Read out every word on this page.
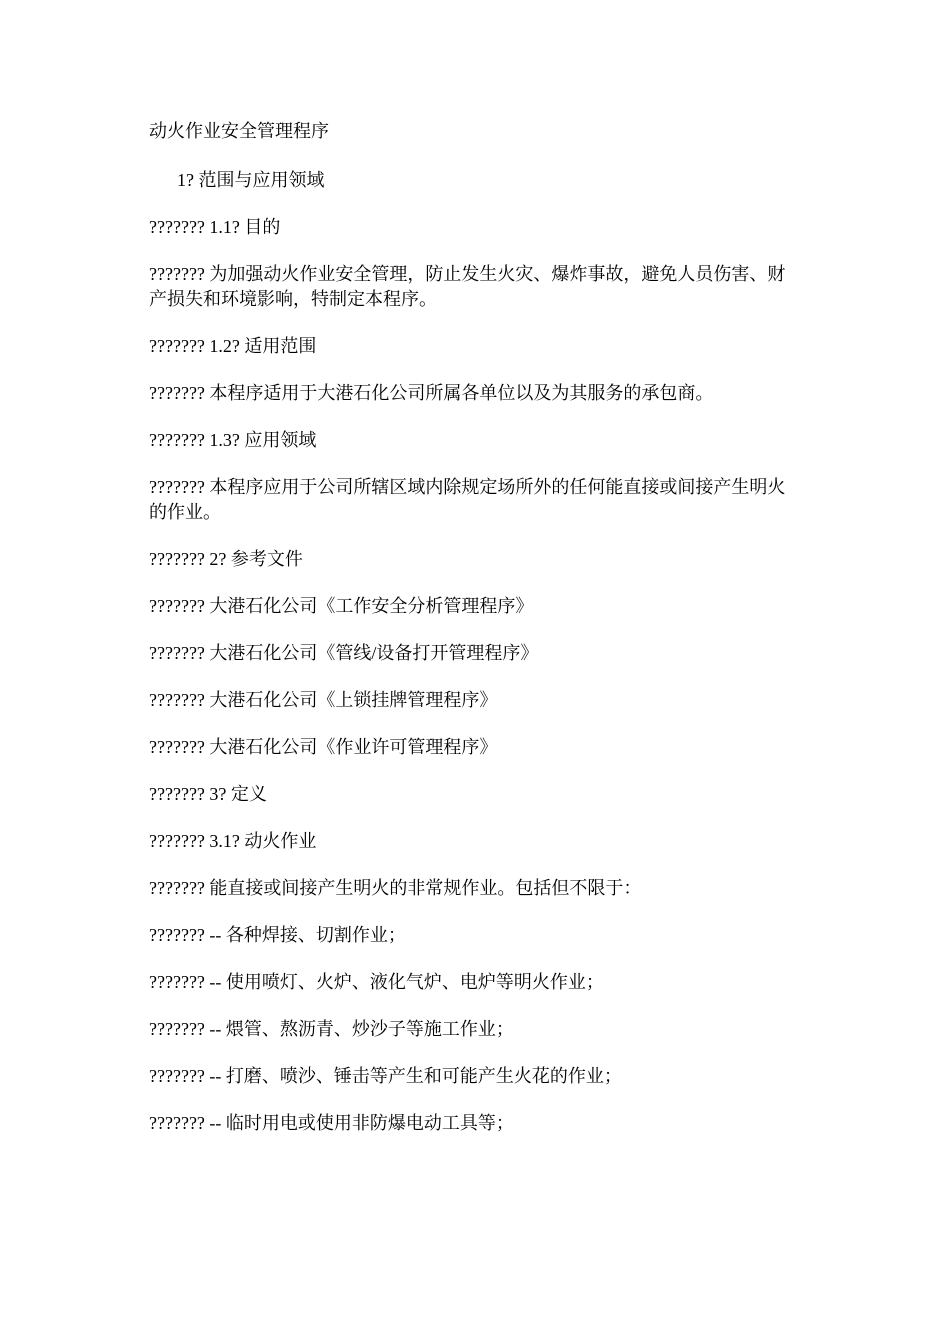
动火作业安全管理程序

1? 范围与应用领域

??????? 1.1? 目的

??????? 为加强动火作业安全管理，防止发生火灾、爆炸事故，避免人员伤害、财产损失和环境影响，特制定本程序。

??????? 1.2? 适用范围

??????? 本程序适用于大港石化公司所属各单位以及为其服务的承包商。

??????? 1.3? 应用领域

??????? 本程序应用于公司所辖区域内除规定场所外的任何能直接或间接产生明火的作业。

??????? 2? 参考文件

??????? 大港石化公司《工作安全分析管理程序》

??????? 大港石化公司《管线/设备打开管理程序》

??????? 大港石化公司《上锁挂牌管理程序》

??????? 大港石化公司《作业许可管理程序》

??????? 3? 定义

??????? 3.1? 动火作业

??????? 能直接或间接产生明火的非常规作业。包括但不限于：

??????? -- 各种焊接、切割作业；

??????? -- 使用喷灯、火炉、液化气炉、电炉等明火作业；

??????? -- 煨管、熬沥青、炒沙子等施工作业；

??????? -- 打磨、喷沙、锤击等产生和可能产生火花的作业；

??????? -- 临时用电或使用非防爆电动工具等；
